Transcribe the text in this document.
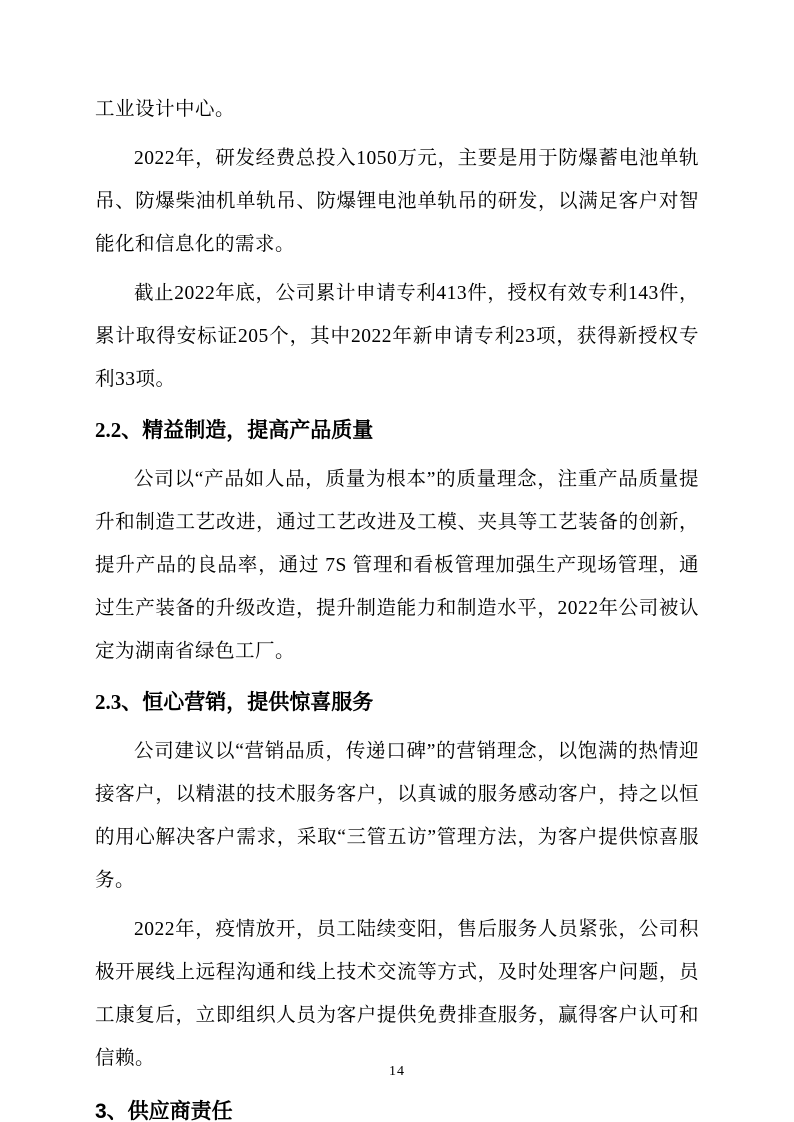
工业设计中心。

2022年，研发经费总投入1050万元，主要是用于防爆蓄电池单轨吊、防爆柴油机单轨吊、防爆锂电池单轨吊的研发，以满足客户对智能化和信息化的需求。

截止2022年底，公司累计申请专利413件，授权有效专利143件，累计取得安标证205个，其中2022年新申请专利23项，获得新授权专利33项。

2.2、精益制造，提高产品质量

公司以“产品如人品，质量为根本”的质量理念，注重产品质量提升和制造工艺改进，通过工艺改进及工模、夹具等工艺装备的创新，提升产品的良品率，通过 7S 管理和看板管理加强生产现场管理，通过生产装备的升级改造，提升制造能力和制造水平，2022年公司被认定为湖南省绿色工厂。

2.3、恒心营销，提供惊喜服务

公司建议以“营销品质，传递口碑”的营销理念，以饱满的热情迎接客户，以精湛的技术服务客户，以真诚的服务感动客户，持之以恒的用心解决客户需求，采取“三管五访”管理方法，为客户提供惊喜服务。

2022年，疫情放开，员工陆续变阳，售后服务人员紧张，公司积极开展线上远程沟通和线上技术交流等方式，及时处理客户问题，员工康复后，立即组织人员为客户提供免费排查服务，赢得客户认可和信赖。

3、供应商责任
14
